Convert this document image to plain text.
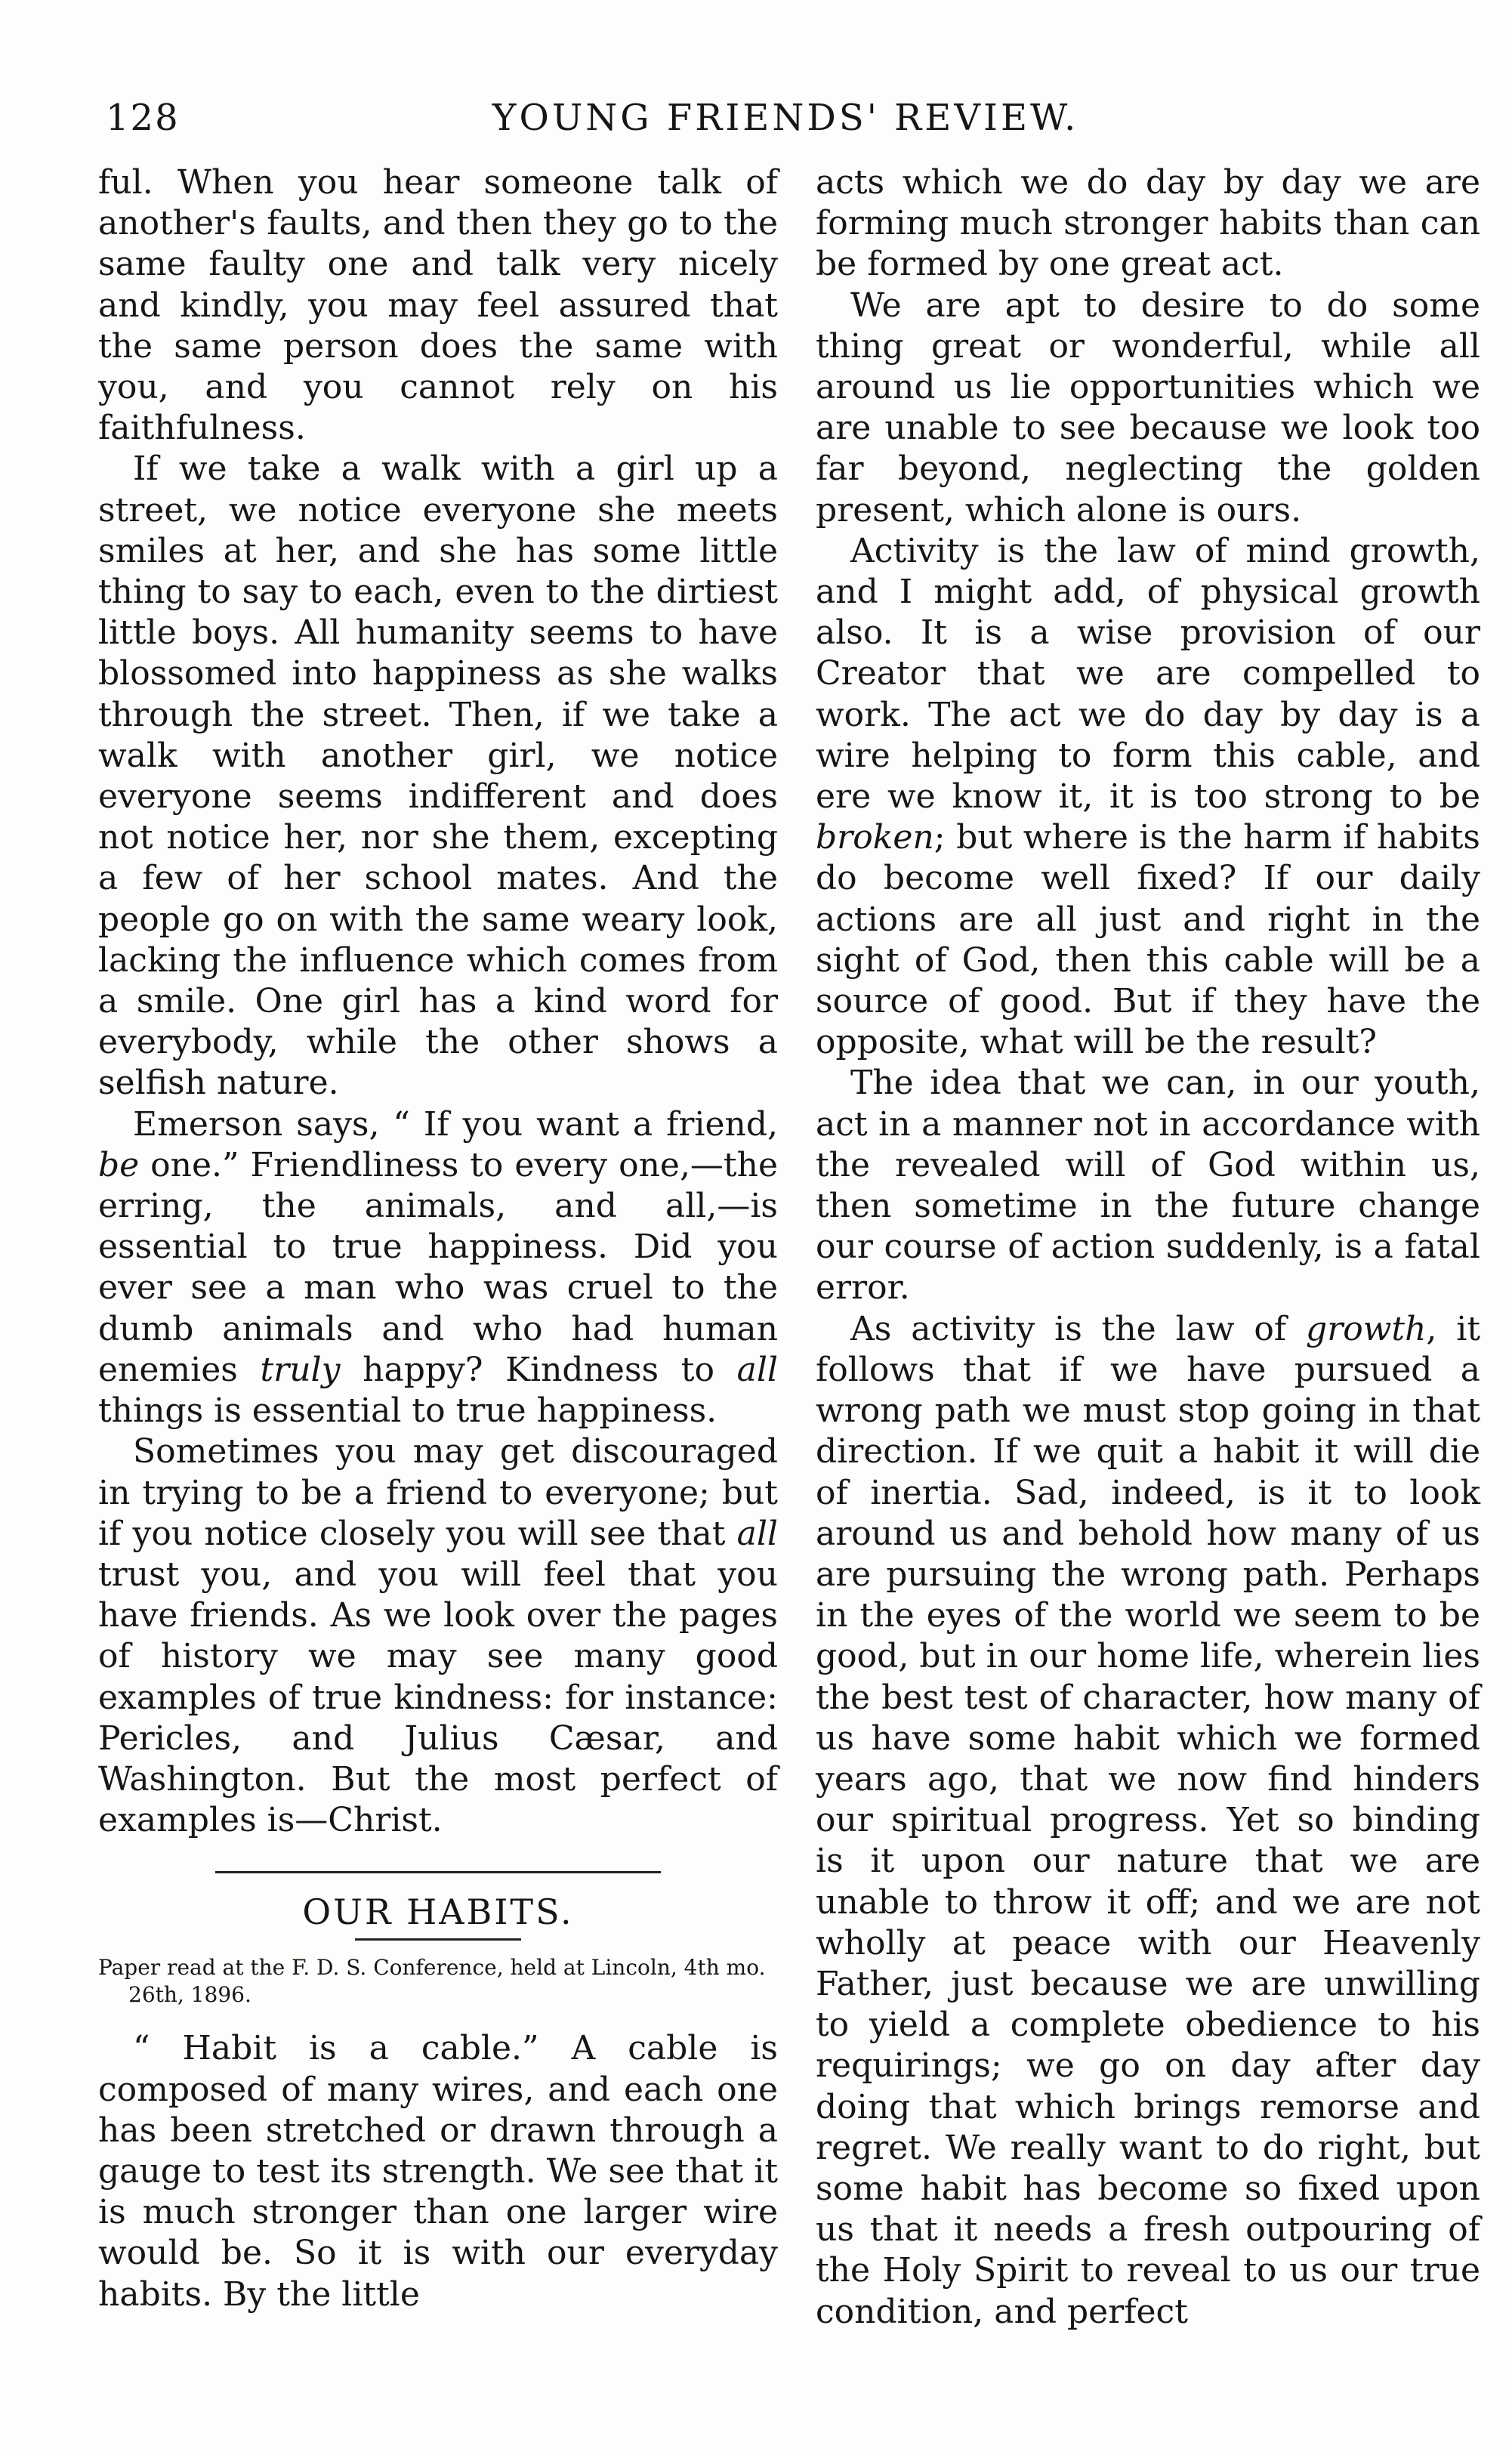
128	YOUNG FRIENDS' REVIEW.

ful. When you hear someone talk of another's faults, and then they go to the same faulty one and talk very nicely and kindly, you may feel assured that the same person does the same with you, and you cannot rely on his faithfulness.

If we take a walk with a girl up a street, we notice everyone she meets smiles at her, and she has some little thing to say to each, even to the dirtiest little boys. All humanity seems to have blossomed into happiness as she walks through the street. Then, if we take a walk with another girl, we notice everyone seems indifferent and does not notice her, nor she them, excepting a few of her school mates. And the people go on with the same weary look, lacking the influence which comes from a smile. One girl has a kind word for everybody, while the other shows a selfish nature.

Emerson says, “ If you want a friend, be one.” Friendliness to every one,—the erring, the animals, and all,—is essential to true happiness. Did you ever see a man who was cruel to the dumb animals and who had human enemies truly happy? Kindness to all things is essential to true happiness.

Sometimes you may get discouraged in trying to be a friend to everyone; but if you notice closely you will see that all trust you, and you will feel that you have friends. As we look over the pages of history we may see many good examples of true kindness: for instance: Pericles, and Julius Cæsar, and Washington. But the most perfect of examples is—Christ.

OUR HABITS.
Paper read at the F. D. S. Conference, held at Lincoln, 4th mo. 26th, 1896.

“ Habit is a cable.” A cable is composed of many wires, and each one has been stretched or drawn through a gauge to test its strength. We see that it is much stronger than one larger wire would be. So it is with our everyday habits. By the little

acts which we do day by day we are forming much stronger habits than can be formed by one great act.

We are apt to desire to do some thing great or wonderful, while all around us lie opportunities which we are unable to see because we look too far beyond, neglecting the golden present, which alone is ours.

Activity is the law of mind growth, and I might add, of physical growth also. It is a wise provision of our Creator that we are compelled to work. The act we do day by day is a wire helping to form this cable, and ere we know it, it is too strong to be broken; but where is the harm if habits do become well fixed? If our daily actions are all just and right in the sight of God, then this cable will be a source of good. But if they have the opposite, what will be the result?

The idea that we can, in our youth, act in a manner not in accordance with the revealed will of God within us, then sometime in the future change our course of action suddenly, is a fatal error.

As activity is the law of growth, it follows that if we have pursued a wrong path we must stop going in that direction. If we quit a habit it will die of inertia. Sad, indeed, is it to look around us and behold how many of us are pursuing the wrong path. Perhaps in the eyes of the world we seem to be good, but in our home life, wherein lies the best test of character, how many of us have some habit which we formed years ago, that we now find hinders our spiritual progress. Yet so binding is it upon our nature that we are unable to throw it off; and we are not wholly at peace with our Heavenly Father, just because we are unwilling to yield a complete obedience to his requirings; we go on day after day doing that which brings remorse and regret. We really want to do right, but some habit has become so fixed upon us that it needs a fresh outpouring of the Holy Spirit to reveal to us our true condition, and perfect
